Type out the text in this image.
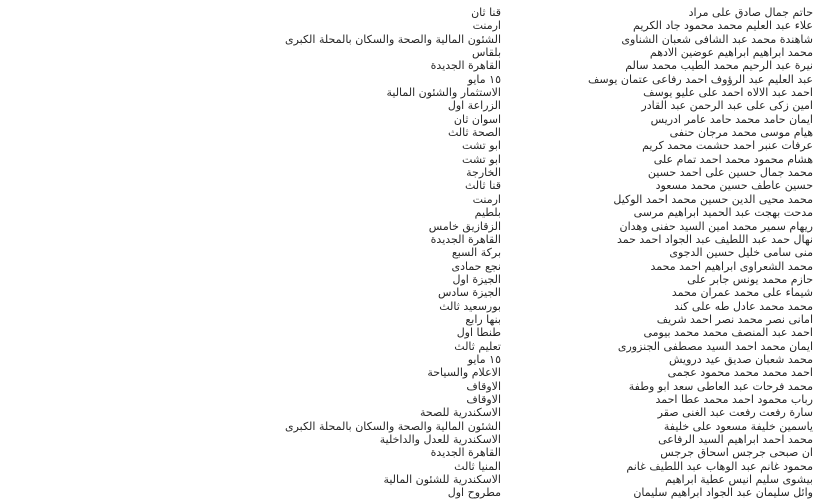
حاتم جمال صادق على مراد
قنا ثان
علاء عبد العليم محمد محمود جاد الكريم
ارمنت
شاهندة محمد عبد الشافى شعبان الشناوى
الشئون المالية والصحة والسكان بالمحلة الكبرى
محمد ابراهيم ابراهيم عوضين الادهم
بلقاس
نيرة عبد الرحيم محمد الطيب محمد سالم
القاهرة الجديدة
عبد العليم عبد الرؤوف احمد رفاعى عتمان يوسف
١٥ مايو
احمد عبد الالاه احمد على عليو يوسف
الاستثمار والشئون المالية
امين زكى على عبد الرحمن عبد القادر
الزراعة اول
ايمان حامد محمد حامد عامر ادريس
اسوان ثان
هيام موسى محمد مرجان حنفى
الصحة ثالث
عرفات عنبر احمد حشمت محمد كريم
ابو تشت
هشام محمود محمد احمد تمام على
ابو تشت
محمد جمال حسين على احمد حسين
الخارجة
حسين عاطف حسين محمد مسعود
قنا ثالث
محمد محيى الدين حسين محمد احمد الوكيل
ارمنت
مدحت بهجت عبد الحميد ابراهيم مرسى
بلطيم
ريهام سمير محمد امين السيد حفنى وهدان
الزقازيق خامس
نهال حمد عبد اللطيف عبد الجواد احمد حمد
القاهرة الجديدة
منى سامى خليل حسين الدجوى
بركة السبع
محمد الشعراوى ابراهيم احمد محمد
نجع حمادى
حازم محمد يونس جابر على
الجيزة اول
شيماء على محمد عمران محمد
الجيزة سادس
محمد محمد عادل طه على كند
بورسعيد ثالث
امانى نصر محمد نصر احمد شريف
بنها رابع
احمد عبد المنصف محمد محمد بيومى
طنطا اول
ايمان محمد احمد السيد مصطفى الجنزورى
تعليم ثالث
محمد شعبان صديق عيد درويش
١٥ مايو
احمد محمد محمد محمود عجمى
الاعلام والسياحة
محمد فرحات عبد العاطى سعد ابو وطفة
الاوقاف
رباب محمود احمد محمد عطا احمد
الاوقاف
سارة رفعت رفعت عبد الغنى صقر
الاسكندرية للصحة
ياسمين خليفة مسعود على خليفة
الشئون المالية والصحة والسكان بالمحلة الكبرى
محمد احمد ابراهيم السيد الرفاعى
الاسكندرية للعدل والداخلية
ان صبحى جرجس اسحاق جرجس
القاهرة الجديدة
محمود غانم عبد الوهاب عبد اللطيف غانم
المنيا ثالث
بيشوى سليم انيس عطية ابراهيم
الاسكندرية للشئون المالية
وائل سليمان عبد الجواد ابراهيم سليمان
مطروح اول
